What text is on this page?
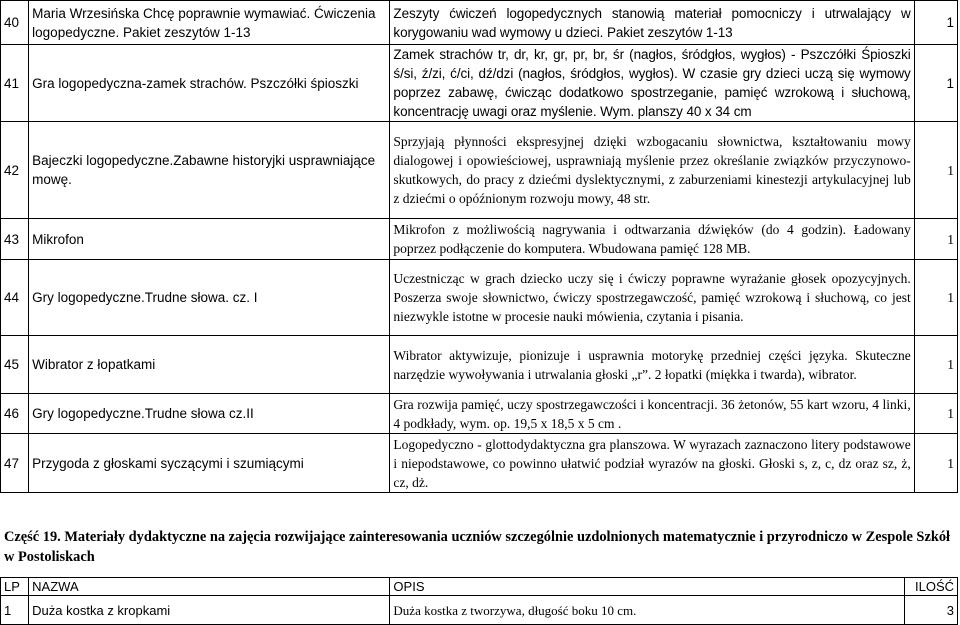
40	Maria Wrzesińska Chcę poprawnie wymawiać. Ćwiczenia logopedyczne. Pakiet zeszytów 1-13	Zeszyty ćwiczeń logopedycznych stanowią materiał pomocniczy i utrwalający w korygowaniu wad wymowy u dzieci. Pakiet zeszytów 1-13	1
41	Gra logopedyczna-zamek strachów. Pszczółki śpioszki	Zamek strachów tr, dr, kr, gr, pr, br, śr (nagłos, śródgłos, wygłos) - Pszczółki Śpioszki ś/si, ź/zi, ć/ci, dź/dzi (nagłos, śródgłos, wygłos). W czasie gry dzieci uczą się wymowy poprzez zabawę, ćwicząc dodatkowo spostrzeganie, pamięć wzrokową i słuchową, koncentrację uwagi oraz myślenie. Wym. planszy 40 x 34 cm	1
42	Bajeczki logopedyczne.Zabawne historyjki usprawniające mowę.	Sprzyjają płynności ekspresyjnej dzięki wzbogacaniu słownictwa, kształtowaniu mowy dialogowej i opowieściowej, usprawniają myślenie przez określanie związków przyczynowo-skutkowych, do pracy z dziećmi dyslektycznymi, z zaburzeniami kinestezji artykulacyjnej lub z dziećmi o opóźnionym rozwoju mowy, 48 str.	1
43	Mikrofon	Mikrofon z możliwością nagrywania i odtwarzania dźwięków (do 4 godzin). Ładowany poprzez podłączenie do komputera. Wbudowana pamięć 128 MB.	1
44	Gry logopedyczne.Trudne słowa. cz. I	Uczestnicząc w grach dziecko uczy się i ćwiczy poprawne wyrażanie głosek opozycyjnych. Poszerza swoje słownictwo, ćwiczy spostrzegawczość, pamięć wzrokową i słuchową, co jest niezwykle istotne w procesie nauki mówienia, czytania i pisania.	1
45	Wibrator z łopatkami	Wibrator aktywizuje, pionizuje i usprawnia motorykę przedniej części języka. Skuteczne narzędzie wywoływania i utrwalania głoski „r”. 2 łopatki (miękka i twarda), wibrator.	1
46	Gry logopedyczne.Trudne słowa cz.II	Gra rozwija pamięć, uczy spostrzegawczości i koncentracji. 36 żetonów, 55 kart wzoru, 4 linki, 4 podkłady, wym. op. 19,5 x 18,5 x 5 cm .	1
47	Przygoda z głoskami syczącymi i szumiącymi	Logopedyczno - glottodydaktyczna gra planszowa. W wyrazach zaznaczono litery podstawowe i niepodstawowe, co powinno ułatwić podział wyrazów na głoski. Głoski s, z, c, dz oraz sz, ż, cz, dż.	1
Część 19. Materiały dydaktyczne na zajęcia rozwijające zainteresowania uczniów szczególnie uzdolnionych matematycznie i przyrodniczo w Zespole Szkół w Postoliskach
LP	NAZWA	OPIS	ILOŚĆ
1	Duża kostka z kropkami	Duża kostka z tworzywa, długość boku 10 cm.	3
